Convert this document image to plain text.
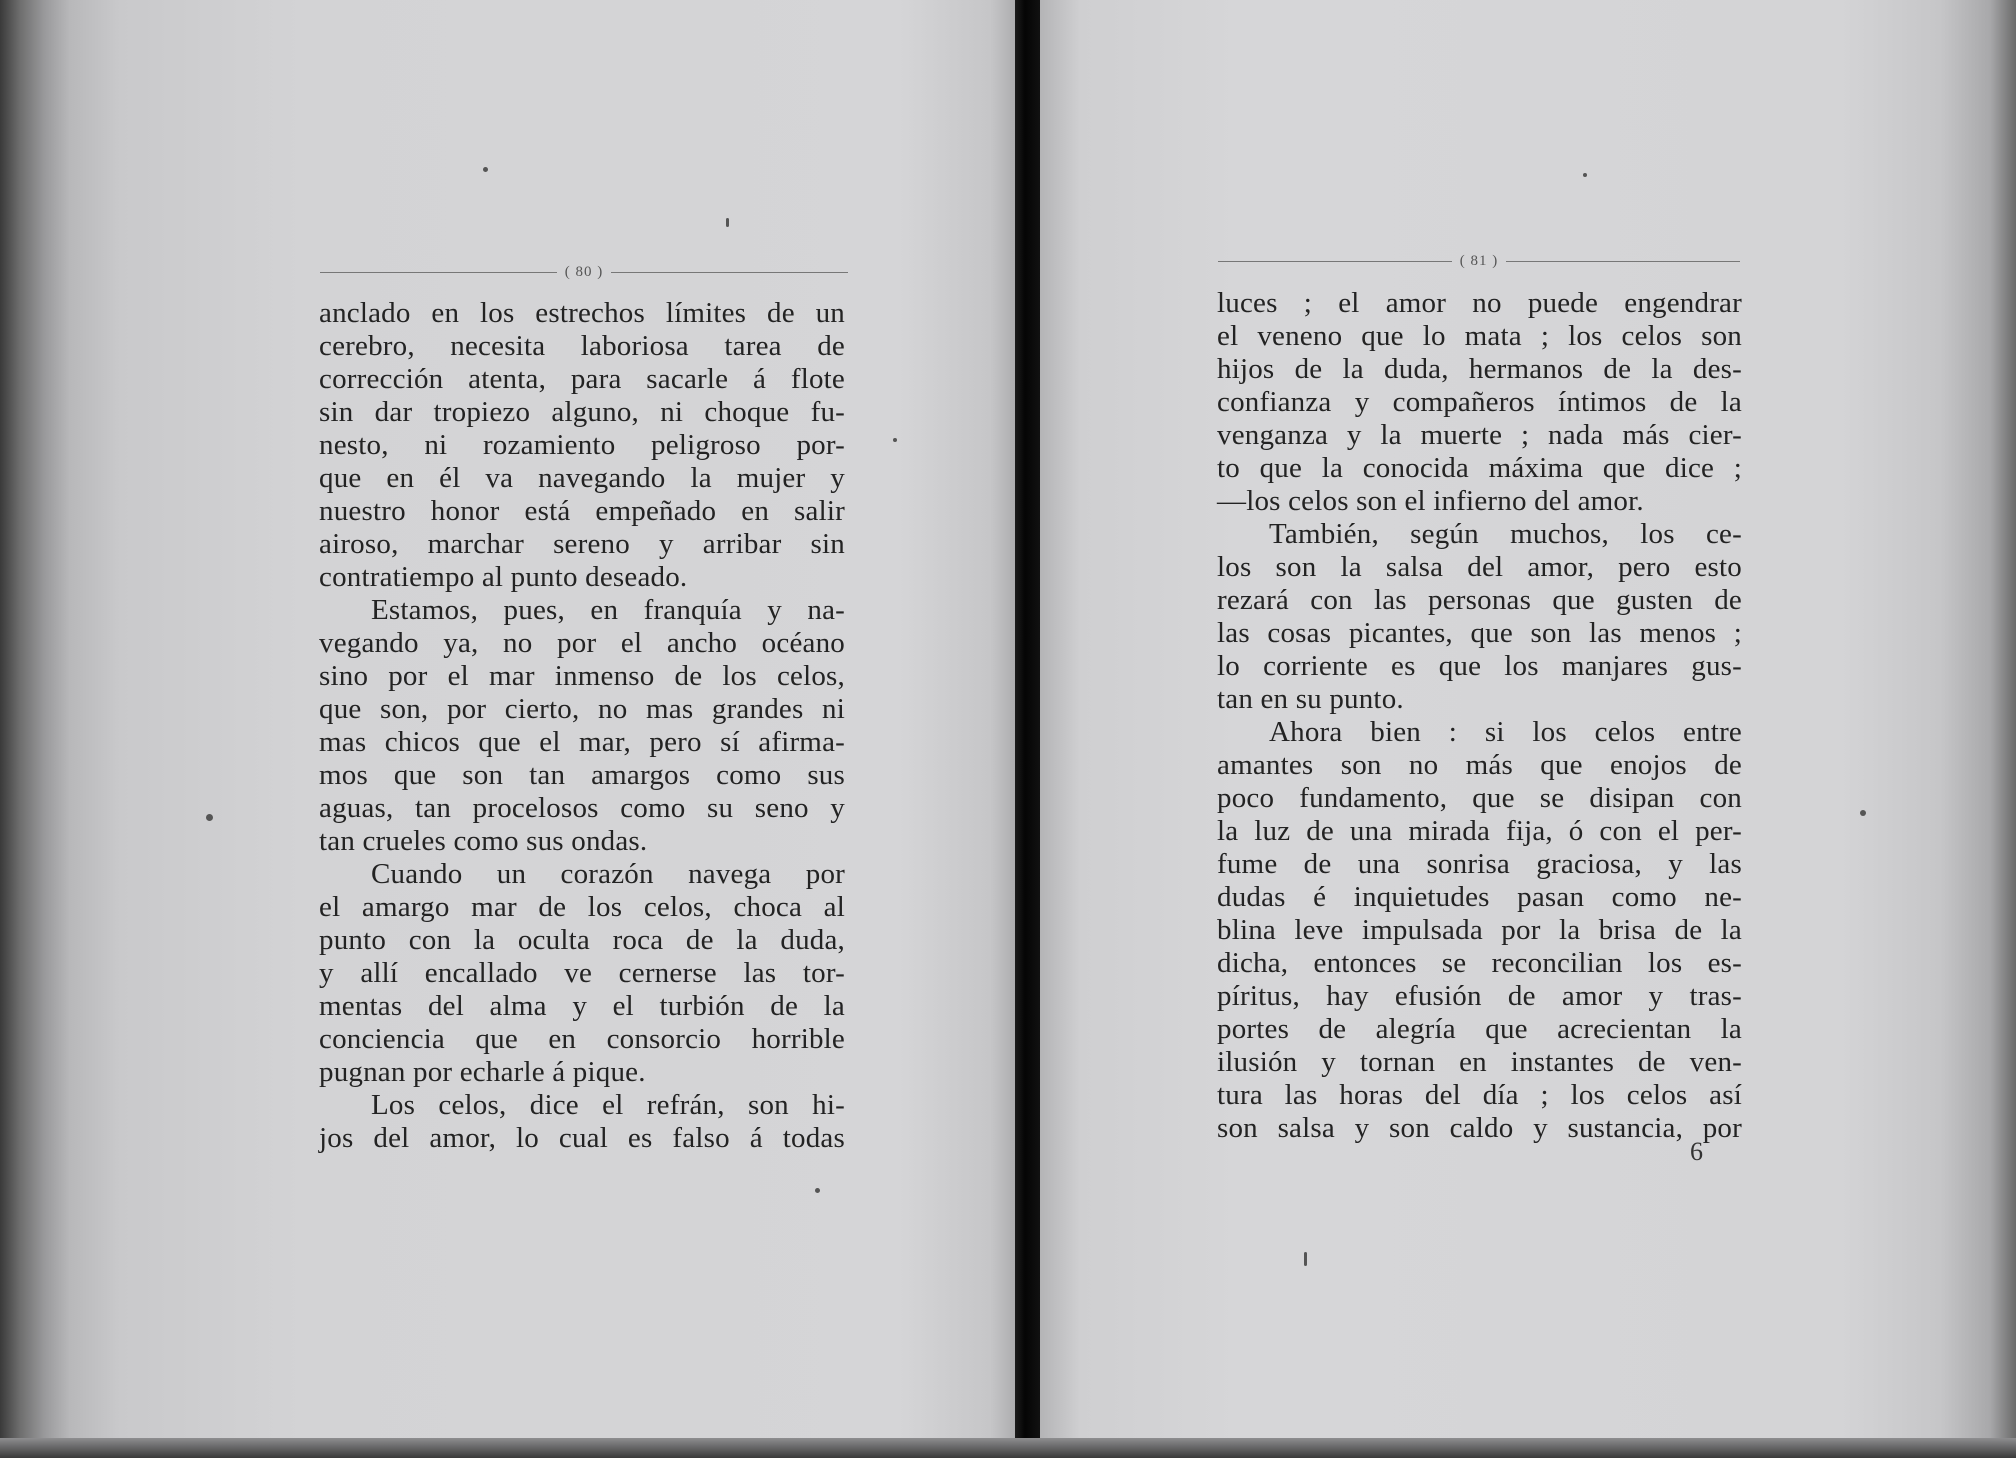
( 80 )
anclado en los estrechos límites de un
cerebro, necesita laboriosa tarea de
corrección atenta, para sacarle á flote
sin dar tropiezo alguno, ni choque fu-
nesto, ni rozamiento peligroso por-
que en él va navegando la mujer y
nuestro honor está empeñado en salir
airoso, marchar sereno y arribar sin
contratiempo al punto deseado.
Estamos, pues, en franquía y na-
vegando ya, no por el ancho océano
sino por el mar inmenso de los celos,
que son, por cierto, no mas grandes ni
mas chicos que el mar, pero sí afirma-
mos que son tan amargos como sus
aguas, tan procelosos como su seno y
tan crueles como sus ondas.
Cuando un corazón navega por
el amargo mar de los celos, choca al
punto con la oculta roca de la duda,
y allí encallado ve cernerse las tor-
mentas del alma y el turbión de la
conciencia que en consorcio horrible
pugnan por echarle á pique.
Los celos, dice el refrán, son hi-
jos del amor, lo cual es falso á todas
( 81 )
luces ; el amor no puede engendrar
el veneno que lo mata ; los celos son
hijos de la duda, hermanos de la des-
confianza y compañeros íntimos de la
venganza y la muerte ; nada más cier-
to que la conocida máxima que dice ;
—los celos son el infierno del amor.
También, según muchos, los ce-
los son la salsa del amor, pero esto
rezará con las personas que gusten de
las cosas picantes, que son las menos ;
lo corriente es que los manjares gus-
tan en su punto.
Ahora bien : si los celos entre
amantes son no más que enojos de
poco fundamento, que se disipan con
la luz de una mirada fija, ó con el per-
fume de una sonrisa graciosa, y las
dudas é inquietudes pasan como ne-
blina leve impulsada por la brisa de la
dicha, entonces se reconcilian los es-
píritus, hay efusión de amor y tras-
portes de alegría que acrecientan la
ilusión y tornan en instantes de ven-
tura las horas del día ; los celos así
son salsa y son caldo y sustancia, por
6
